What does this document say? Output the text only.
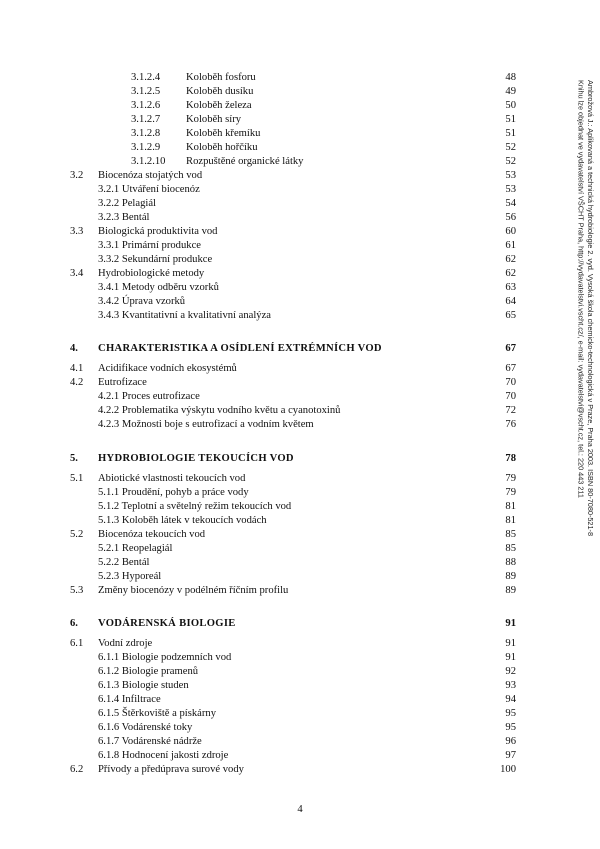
3.1.2.4 Koloběh fosforu	48
3.1.2.5 Koloběh dusíku	49
3.1.2.6 Koloběh železa	50
3.1.2.7 Koloběh síry	51
3.1.2.8 Koloběh křemíku	51
3.1.2.9 Koloběh hořčíku	52
3.1.2.10 Rozpuštěné organické látky	52
3.2 Biocenóza stojatých vod	53
3.2.1 Utváření biocenóz	53
3.2.2 Pelagiál	54
3.2.3 Bentál	56
3.3 Biologická produktivita vod	60
3.3.1 Primární produkce	61
3.3.2 Sekundární produkce	62
3.4 Hydrobiologické metody	62
3.4.1 Metody odběru vzorků	63
3.4.2 Úprava vzorků	64
3.4.3 Kvantitativní a kvalitativní analýza	65
4. CHARAKTERISTIKA A OSÍDLENÍ EXTRÉMNÍCH VOD	67
4.1 Acidifikace vodních ekosystémů	67
4.2 Eutrofizace	70
4.2.1 Proces eutrofizace	70
4.2.2 Problematika výskytu vodního květu a cyanotoxinů	72
4.2.3 Možnosti boje s eutrofizací a vodním květem	76
5. HYDROBIOLOGIE TEKOUCÍCH VOD	78
5.1 Abiotické vlastnosti tekoucích vod	79
5.1.1 Proudění, pohyb a práce vody	79
5.1.2 Teplotní a světelný režim tekoucích vod	81
5.1.3 Koloběh látek v tekoucích vodách	81
5.2 Biocenóza tekoucích vod	85
5.2.1 Reopelagiál	85
5.2.2 Bentál	88
5.2.3 Hyporeál	89
5.3 Změny biocenózy v podélném říčním profilu	89
6. VODÁRENSKÁ BIOLOGIE	91
6.1 Vodní zdroje	91
6.1.1 Biologie podzemních vod	91
6.1.2 Biologie pramenů	92
6.1.3 Biologie studen	93
6.1.4 Infiltrace	94
6.1.5 Štěrkoviště a pískárny	95
6.1.6 Vodárenské toky	95
6.1.7 Vodárenské nádrže	96
6.1.8 Hodnocení jakosti zdroje	97
6.2 Přívody a předúprava surové vody	100
Ambrožová J.: Aplikovaná a technická hydrobiologie 2. vyd. Vysoká škola chemicko-technologická v Praze, Praha 2003. ISBN 80-7080-521-8
Knihu lze objednat ve vydavatelství VŠCHT Praha, http://vydavatelstvi.vscht.cz/, e-mail: vydavatelstvi@vscht.cz, tel.: 220 443 211
4
